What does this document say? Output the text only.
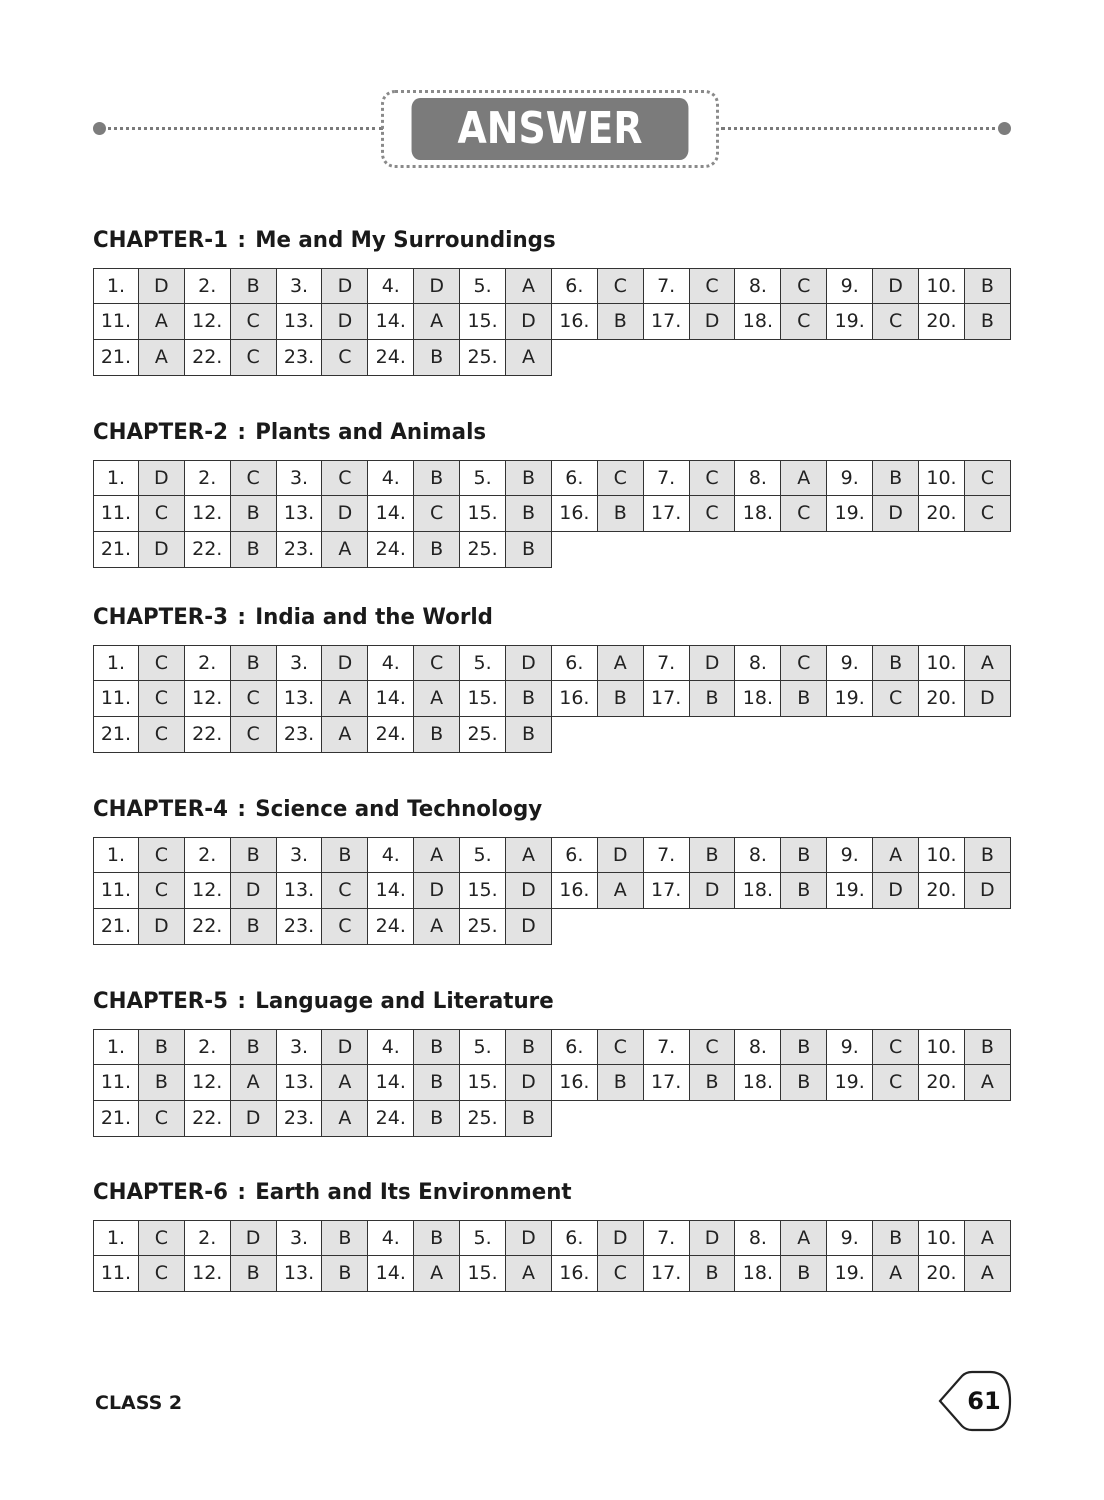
ANSWER KEYS
CHAPTER-1 : Me and My Surroundings
1.	D	2.	B	3.	D	4.	D	5.	A	6.	C	7.	C	8.	C	9.	D	10.	B
11.	A	12.	C	13.	D	14.	A	15.	D	16.	B	17.	D	18.	C	19.	C	20.	B
21.	A	22.	C	23.	C	24.	B	25.	A
CHAPTER-2 : Plants and Animals
1.	D	2.	C	3.	C	4.	B	5.	B	6.	C	7.	C	8.	A	9.	B	10.	C
11.	C	12.	B	13.	D	14.	C	15.	B	16.	B	17.	C	18.	C	19.	D	20.	C
21.	D	22.	B	23.	A	24.	B	25.	B
CHAPTER-3 : India and the World
1.	C	2.	B	3.	D	4.	C	5.	D	6.	A	7.	D	8.	C	9.	B	10.	A
11.	C	12.	C	13.	A	14.	A	15.	B	16.	B	17.	B	18.	B	19.	C	20.	D
21.	C	22.	C	23.	A	24.	B	25.	B
CHAPTER-4 : Science and Technology
1.	C	2.	B	3.	B	4.	A	5.	A	6.	D	7.	B	8.	B	9.	A	10.	B
11.	C	12.	D	13.	C	14.	D	15.	D	16.	A	17.	D	18.	B	19.	D	20.	D
21.	D	22.	B	23.	C	24.	A	25.	D
CHAPTER-5 : Language and Literature
1.	B	2.	B	3.	D	4.	B	5.	B	6.	C	7.	C	8.	B	9.	C	10.	B
11.	B	12.	A	13.	A	14.	B	15.	D	16.	B	17.	B	18.	B	19.	C	20.	A
21.	C	22.	D	23.	A	24.	B	25.	B
CHAPTER-6 : Earth and Its Environment
1.	C	2.	D	3.	B	4.	B	5.	D	6.	D	7.	D	8.	A	9.	B	10.	A
11.	C	12.	B	13.	B	14.	A	15.	A	16.	C	17.	B	18.	B	19.	A	20.	A
CLASS 2	61
